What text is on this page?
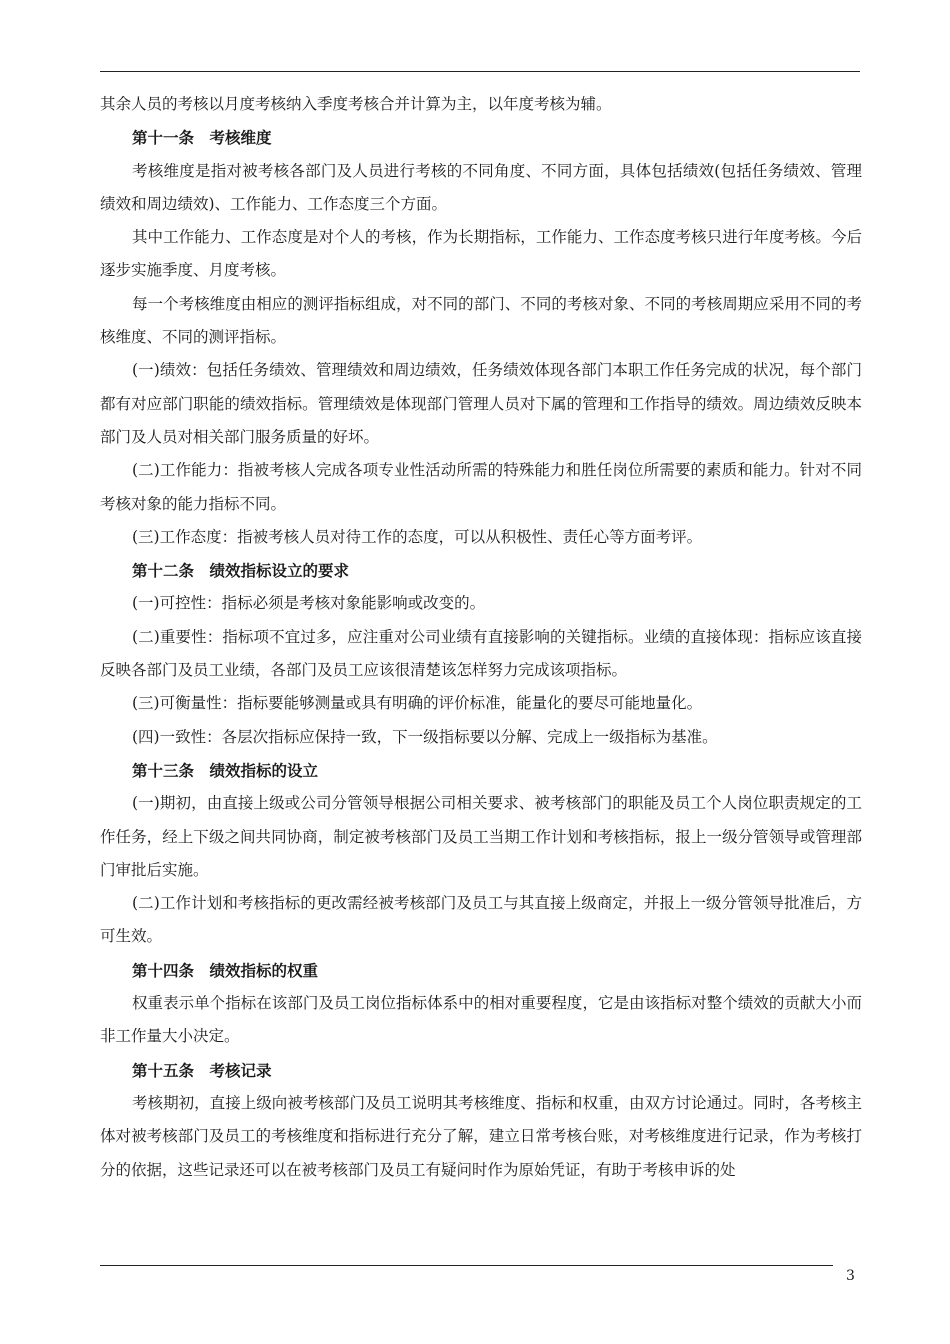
其余人员的考核以月度考核纳入季度考核合并计算为主，以年度考核为辅。

第十一条　考核维度

考核维度是指对被考核各部门及人员进行考核的不同角度、不同方面，具体包括绩效(包括任务绩效、管理绩效和周边绩效)、工作能力、工作态度三个方面。

其中工作能力、工作态度是对个人的考核，作为长期指标，工作能力、工作态度考核只进行年度考核。今后逐步实施季度、月度考核。

每一个考核维度由相应的测评指标组成，对不同的部门、不同的考核对象、不同的考核周期应采用不同的考核维度、不同的测评指标。

(一)绩效：包括任务绩效、管理绩效和周边绩效，任务绩效体现各部门本职工作任务完成的状况，每个部门都有对应部门职能的绩效指标。管理绩效是体现部门管理人员对下属的管理和工作指导的绩效。周边绩效反映本部门及人员对相关部门服务质量的好坏。

(二)工作能力：指被考核人完成各项专业性活动所需的特殊能力和胜任岗位所需要的素质和能力。针对不同考核对象的能力指标不同。

(三)工作态度：指被考核人员对待工作的态度，可以从积极性、责任心等方面考评。

第十二条　绩效指标设立的要求

(一)可控性：指标必须是考核对象能影响或改变的。

(二)重要性：指标项不宜过多，应注重对公司业绩有直接影响的关键指标。业绩的直接体现：指标应该直接反映各部门及员工业绩，各部门及员工应该很清楚该怎样努力完成该项指标。

(三)可衡量性：指标要能够测量或具有明确的评价标准，能量化的要尽可能地量化。

(四)一致性：各层次指标应保持一致，下一级指标要以分解、完成上一级指标为基准。

第十三条　绩效指标的设立

(一)期初，由直接上级或公司分管领导根据公司相关要求、被考核部门的职能及员工个人岗位职责规定的工作任务，经上下级之间共同协商，制定被考核部门及员工当期工作计划和考核指标，报上一级分管领导或管理部门审批后实施。

(二)工作计划和考核指标的更改需经被考核部门及员工与其直接上级商定，并报上一级分管领导批准后，方可生效。

第十四条　绩效指标的权重

权重表示单个指标在该部门及员工岗位指标体系中的相对重要程度，它是由该指标对整个绩效的贡献大小而非工作量大小决定。

第十五条　考核记录

考核期初，直接上级向被考核部门及员工说明其考核维度、指标和权重，由双方讨论通过。同时，各考核主体对被考核部门及员工的考核维度和指标进行充分了解，建立日常考核台账，对考核维度进行记录，作为考核打分的依据，这些记录还可以在被考核部门及员工有疑问时作为原始凭证，有助于考核申诉的处

3
